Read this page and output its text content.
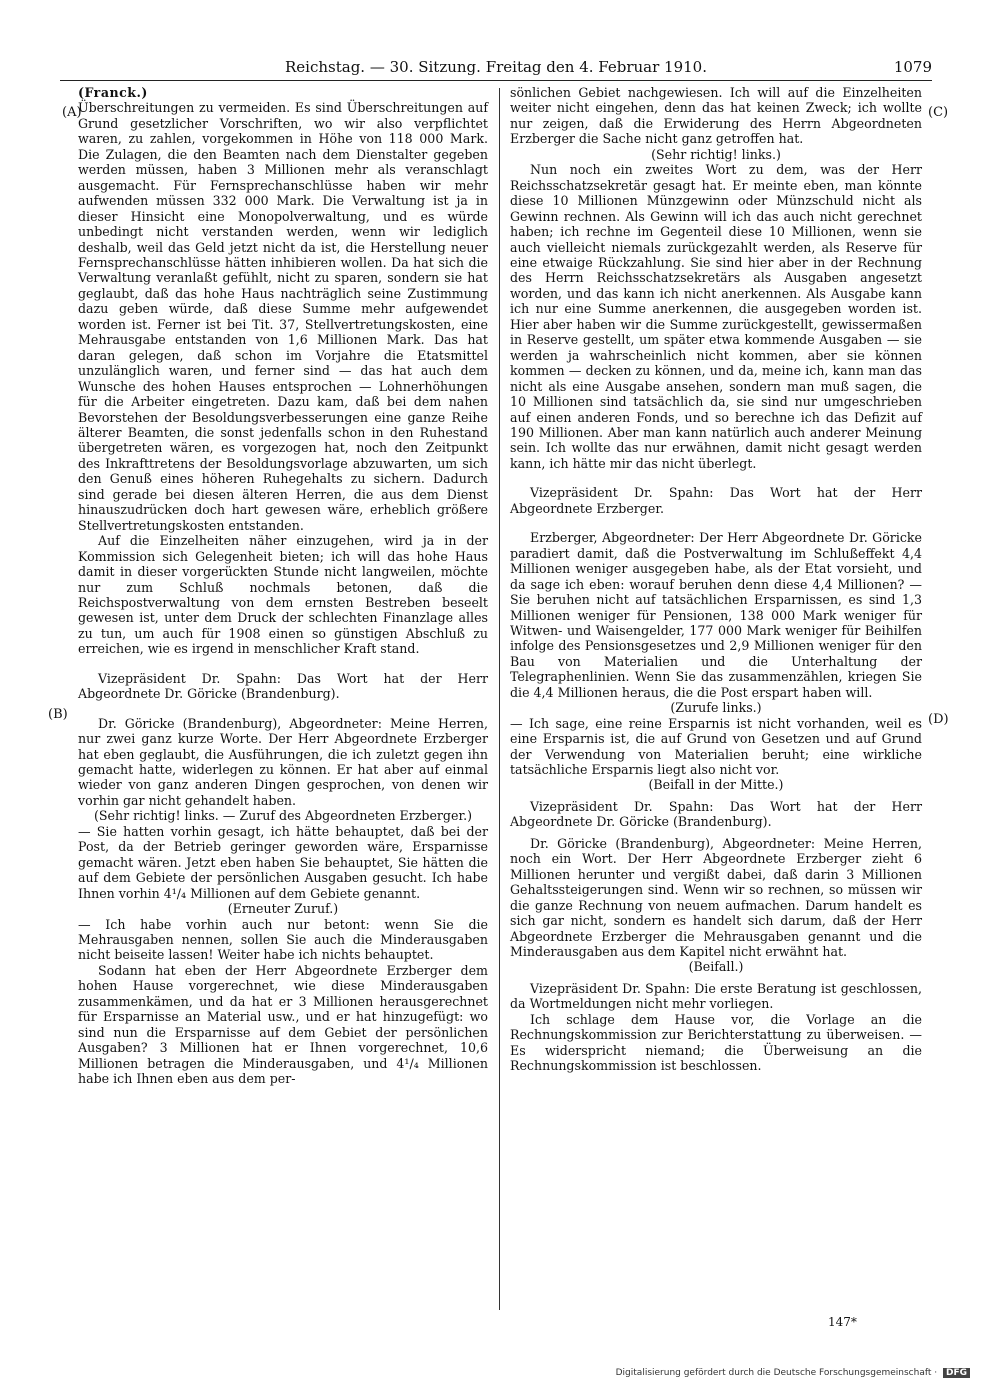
Reichstag. — 30. Sitzung. Freitag den 4. Februar 1910.	1079
(A)
(B)
(C)
(D)

(Franck.)

Überschreitungen zu vermeiden. Es sind Überschreitungen auf Grund gesetzlicher Vorschriften, wo wir also verpflichtet waren, zu zahlen, vorgekommen in Höhe von 118 000 Mark. Die Zulagen, die den Beamten nach dem Dienstalter gegeben werden müssen, haben 3 Millionen mehr als veranschlagt ausgemacht. Für Fernsprechanschlüsse haben wir mehr aufwenden müssen 332 000 Mark. Die Verwaltung ist ja in dieser Hinsicht eine Monopolverwaltung, und es würde unbedingt nicht verstanden werden, wenn wir lediglich deshalb, weil das Geld jetzt nicht da ist, die Herstellung neuer Fernsprechanschlüsse hätten inhibieren wollen. Da hat sich die Verwaltung veranlaßt gefühlt, nicht zu sparen, sondern sie hat geglaubt, daß das hohe Haus nachträglich seine Zustimmung dazu geben würde, daß diese Summe mehr aufgewendet worden ist. Ferner ist bei Tit. 37, Stellvertretungskosten, eine Mehrausgabe entstanden von 1,6 Millionen Mark. Das hat daran gelegen, daß schon im Vorjahre die Etatsmittel unzulänglich waren, und ferner sind — das hat auch dem Wunsche des hohen Hauses entsprochen — Lohnerhöhungen für die Arbeiter eingetreten. Dazu kam, daß bei dem nahen Bevorstehen der Besoldungsverbesserungen eine ganze Reihe älterer Beamten, die sonst jedenfalls schon in den Ruhestand übergetreten wären, es vorgezogen hat, noch den Zeitpunkt des Inkrafttretens der Besoldungsvorlage abzuwarten, um sich den Genuß eines höheren Ruhegehalts zu sichern. Dadurch sind gerade bei diesen älteren Herren, die aus dem Dienst hinauszudrücken doch hart gewesen wäre, erheblich größere Stellvertretungskosten entstanden.

Auf die Einzelheiten näher einzugehen, wird ja in der Kommission sich Gelegenheit bieten; ich will das hohe Haus damit in dieser vorgerückten Stunde nicht langweilen, möchte nur zum Schluß nochmals betonen, daß die Reichspostverwaltung von dem ernsten Bestreben beseelt gewesen ist, unter dem Druck der schlechten Finanzlage alles zu tun, um auch für 1908 einen so günstigen Abschluß zu erreichen, wie es irgend in menschlicher Kraft stand.

Vizepräsident Dr. Spahn: Das Wort hat der Herr Abgeordnete Dr. Göricke (Brandenburg).

Dr. Göricke (Brandenburg), Abgeordneter: Meine Herren, nur zwei ganz kurze Worte. Der Herr Abgeordnete Erzberger hat eben geglaubt, die Ausführungen, die ich zuletzt gegen ihn gemacht hatte, widerlegen zu können. Er hat aber auf einmal wieder von ganz anderen Dingen gesprochen, von denen wir vorhin gar nicht gehandelt haben.

(Sehr richtig! links. — Zuruf des Abgeordneten Erzberger.)

— Sie hatten vorhin gesagt, ich hätte behauptet, daß bei der Post, da der Betrieb geringer geworden wäre, Ersparnisse gemacht wären. Jetzt eben haben Sie behauptet, Sie hätten die auf dem Gebiete der persönlichen Ausgaben gesucht. Ich habe Ihnen vorhin 4¹/₄ Millionen auf dem Gebiete genannt.

(Erneuter Zuruf.)

— Ich habe vorhin auch nur betont: wenn Sie die Mehrausgaben nennen, sollen Sie auch die Minderausgaben nicht beiseite lassen! Weiter habe ich nichts behauptet.

Sodann hat eben der Herr Abgeordnete Erzberger dem hohen Hause vorgerechnet, wie diese Minderausgaben zusammenkämen, und da hat er 3 Millionen herausgerechnet für Ersparnisse an Material usw., und er hat hinzugefügt: wo sind nun die Ersparnisse auf dem Gebiet der persönlichen Ausgaben? 3 Millionen hat er Ihnen vorgerechnet, 10,6 Millionen betragen die Minderausgaben, und 4¹/₄ Millionen habe ich Ihnen eben aus dem per-

sönlichen Gebiet nachgewiesen. Ich will auf die Einzelheiten weiter nicht eingehen, denn das hat keinen Zweck; ich wollte nur zeigen, daß die Erwiderung des Herrn Abgeordneten Erzberger die Sache nicht ganz getroffen hat.

(Sehr richtig! links.)

Nun noch ein zweites Wort zu dem, was der Herr Reichsschatzsekretär gesagt hat. Er meinte eben, man könnte diese 10 Millionen Münzgewinn oder Münzschuld nicht als Gewinn rechnen. Als Gewinn will ich das auch nicht gerechnet haben; ich rechne im Gegenteil diese 10 Millionen, wenn sie auch vielleicht niemals zurückgezahlt werden, als Reserve für eine etwaige Rückzahlung. Sie sind hier aber in der Rechnung des Herrn Reichsschatzsekretärs als Ausgaben angesetzt worden, und das kann ich nicht anerkennen. Als Ausgabe kann ich nur eine Summe anerkennen, die ausgegeben worden ist. Hier aber haben wir die Summe zurückgestellt, gewissermaßen in Reserve gestellt, um später etwa kommende Ausgaben — sie werden ja wahrscheinlich nicht kommen, aber sie können kommen — decken zu können, und da, meine ich, kann man das nicht als eine Ausgabe ansehen, sondern man muß sagen, die 10 Millionen sind tatsächlich da, sie sind nur umgeschrieben auf einen anderen Fonds, und so berechne ich das Defizit auf 190 Millionen. Aber man kann natürlich auch anderer Meinung sein. Ich wollte das nur erwähnen, damit nicht gesagt werden kann, ich hätte mir das nicht überlegt.

Vizepräsident Dr. Spahn: Das Wort hat der Herr Abgeordnete Erzberger.

Erzberger, Abgeordneter: Der Herr Abgeordnete Dr. Göricke paradiert damit, daß die Postverwaltung im Schlußeffekt 4,4 Millionen weniger ausgegeben habe, als der Etat vorsieht, und da sage ich eben: worauf beruhen denn diese 4,4 Millionen? — Sie beruhen nicht auf tatsächlichen Ersparnissen, es sind 1,3 Millionen weniger für Pensionen, 138 000 Mark weniger für Witwen- und Waisengelder, 177 000 Mark weniger für Beihilfen infolge des Pensionsgesetzes und 2,9 Millionen weniger für den Bau von Materialien und die Unterhaltung der Telegraphenlinien. Wenn Sie das zusammenzählen, kriegen Sie die 4,4 Millionen heraus, die die Post erspart haben will.

(Zurufe links.)

— Ich sage, eine reine Ersparnis ist nicht vorhanden, weil es eine Ersparnis ist, die auf Grund von Gesetzen und auf Grund der Verwendung von Materialien beruht; eine wirkliche tatsächliche Ersparnis liegt also nicht vor.

(Beifall in der Mitte.)

Vizepräsident Dr. Spahn: Das Wort hat der Herr Abgeordnete Dr. Göricke (Brandenburg).

Dr. Göricke (Brandenburg), Abgeordneter: Meine Herren, noch ein Wort. Der Herr Abgeordnete Erzberger zieht 6 Millionen herunter und vergißt dabei, daß darin 3 Millionen Gehaltssteigerungen sind. Wenn wir so rechnen, so müssen wir die ganze Rechnung von neuem aufmachen. Darum handelt es sich gar nicht, sondern es handelt sich darum, daß der Herr Abgeordnete Erzberger die Mehrausgaben genannt und die Minderausgaben aus dem Kapitel nicht erwähnt hat.

(Beifall.)

Vizepräsident Dr. Spahn: Die erste Beratung ist geschlossen, da Wortmeldungen nicht mehr vorliegen.

Ich schlage dem Hause vor, die Vorlage an die Rechnungskommission zur Berichterstattung zu überweisen. — Es widerspricht niemand; die Überweisung an die Rechnungskommission ist beschlossen.

147*
Digitalisierung gefördert durch die Deutsche Forschungsgemeinschaft · DFG
